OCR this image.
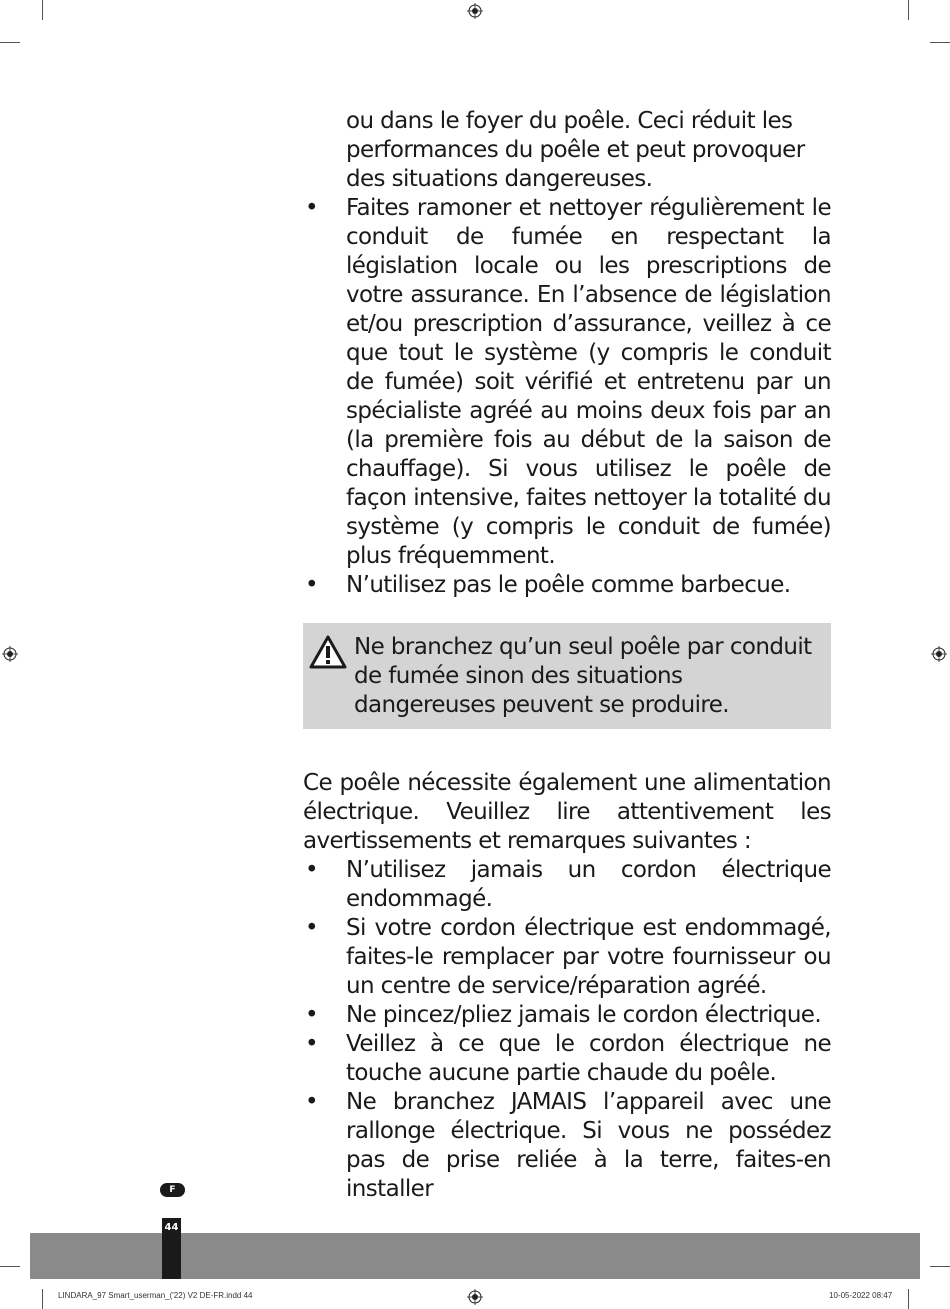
ou dans le foyer du poêle. Ceci réduit les
performances du poêle et peut provoquer
des situations dangereuses.
• Faites ramoner et nettoyer régulièrement le conduit de fumée en respectant la législation locale ou les prescriptions de votre assurance. En l’absence de législation et/ou prescription d’assurance, veillez à ce que tout le système (y compris le conduit de fumée) soit vérifié et entretenu par un spécialiste agréé au moins deux fois par an (la première fois au début de la saison de chauffage). Si vous utilisez le poêle de façon intensive, faites nettoyer la totalité du système (y compris le conduit de fumée) plus fréquemment.
• N’utilisez pas le poêle comme barbecue.
Ne branchez qu’un seul poêle par conduit de fumée sinon des situations dangereuses peuvent se produire.

Ce poêle nécessite également une alimentation électrique. Veuillez lire attentivement les avertissements et remarques suivantes :

• N’utilisez jamais un cordon électrique endommagé.
• Si votre cordon électrique est endommagé, faites-le remplacer par votre fournisseur ou un centre de service/réparation agréé.
• Ne pincez/pliez jamais le cordon électrique.
• Veillez à ce que le cordon électrique ne touche aucune partie chaude du poêle.
• Ne branchez JAMAIS l’appareil avec une rallonge électrique. Si vous ne possédez pas de prise reliée à la terre, faites-en installer
F
44
LINDARA_97 Smart_userman_('22) V2 DE-FR.indd 44	10-05-2022 08:47
